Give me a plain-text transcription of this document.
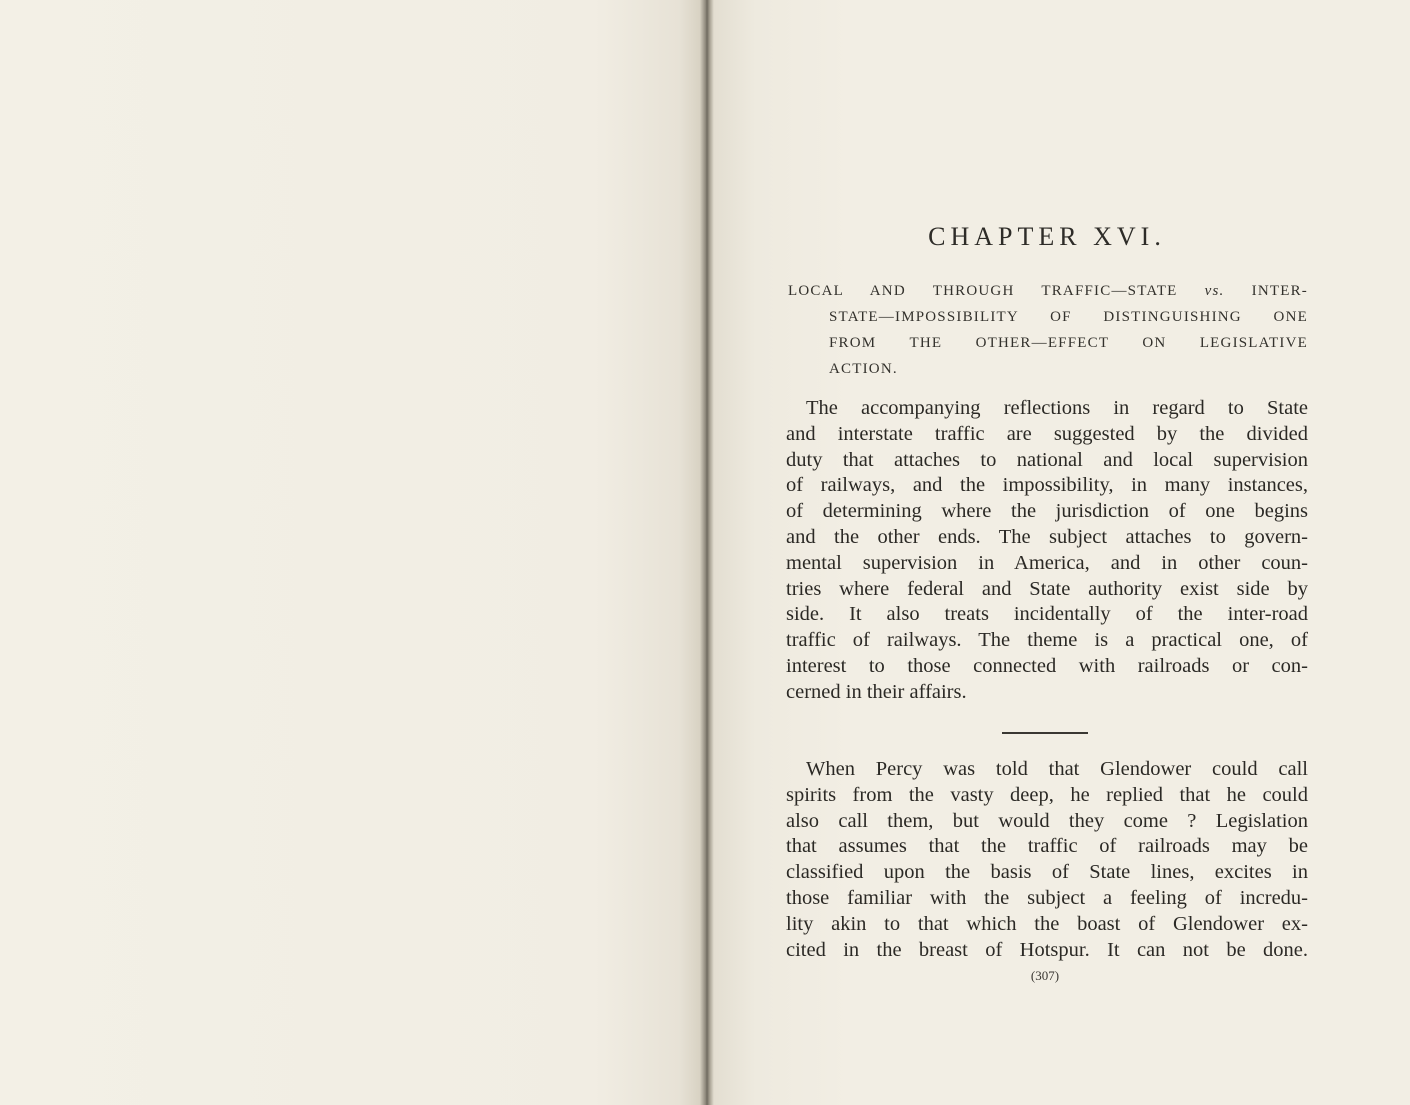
CHAPTER XVI.
LOCAL AND THROUGH TRAFFIC—STATE vs. INTER-
STATE—IMPOSSIBILITY OF DISTINGUISHING ONE
FROM THE OTHER—EFFECT ON LEGISLATIVE
ACTION.
The accompanying reflections in regard to State
and interstate traffic are suggested by the divided
duty that attaches to national and local supervision
of railways, and the impossibility, in many instances,
of determining where the jurisdiction of one begins
and the other ends. The subject attaches to govern-
mental supervision in America, and in other coun-
tries where federal and State authority exist side by
side. It also treats incidentally of the inter-road
traffic of railways. The theme is a practical one, of
interest to those connected with railroads or con-
cerned in their affairs.
When Percy was told that Glendower could call
spirits from the vasty deep, he replied that he could
also call them, but would they come ? Legislation
that assumes that the traffic of railroads may be
classified upon the basis of State lines, excites in
those familiar with the subject a feeling of incredu-
lity akin to that which the boast of Glendower ex-
cited in the breast of Hotspur. It can not be done.
(307)
